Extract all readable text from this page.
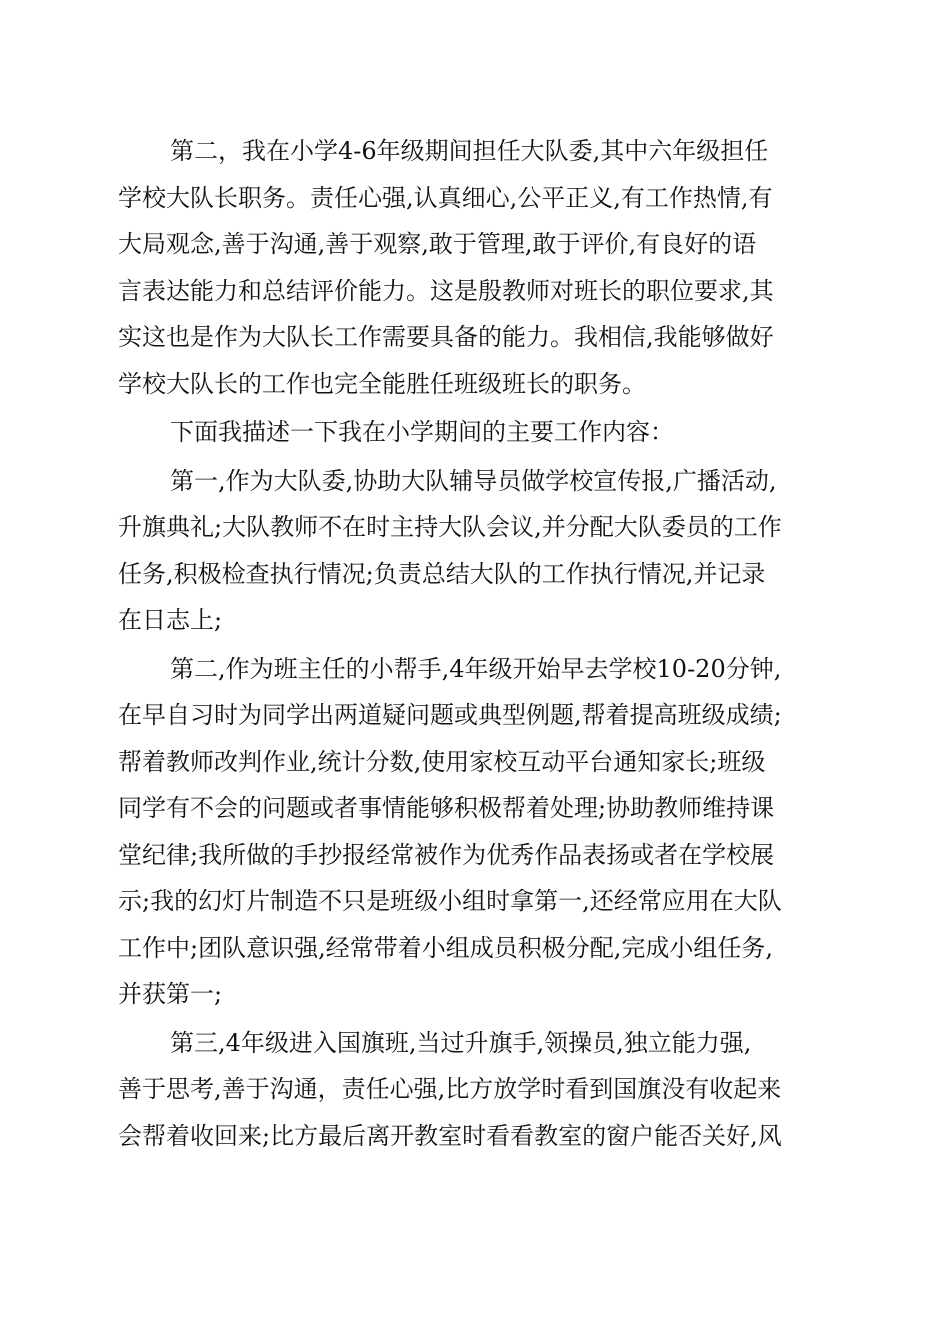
第二，我在小学4-6年级期间担任大队委,其中六年级担任
学校大队长职务。责任心强,认真细心,公平正义,有工作热情,有
大局观念,善于沟通,善于观察,敢于管理,敢于评价,有良好的语
言表达能力和总结评价能力。这是殷教师对班长的职位要求,其
实这也是作为大队长工作需要具备的能力。我相信,我能够做好
学校大队长的工作也完全能胜任班级班长的职务。
下面我描述一下我在小学期间的主要工作内容：
第一,作为大队委,协助大队辅导员做学校宣传报,广播活动,
升旗典礼;大队教师不在时主持大队会议,并分配大队委员的工作
任务,积极检查执行情况;负责总结大队的工作执行情况,并记录
在日志上;
第二,作为班主任的小帮手,4年级开始早去学校10-20分钟,
在早自习时为同学出两道疑问题或典型例题,帮着提高班级成绩;
帮着教师改判作业,统计分数,使用家校互动平台通知家长;班级
同学有不会的问题或者事情能够积极帮着处理;协助教师维持课
堂纪律;我所做的手抄报经常被作为优秀作品表扬或者在学校展
示;我的幻灯片制造不只是班级小组时拿第一,还经常应用在大队
工作中;团队意识强,经常带着小组成员积极分配,完成小组任务,
并获第一;
第三,4年级进入国旗班,当过升旗手,领操员,独立能力强,
善于思考,善于沟通，责任心强,比方放学时看到国旗没有收起来
会帮着收回来;比方最后离开教室时看看教室的窗户能否关好,风
